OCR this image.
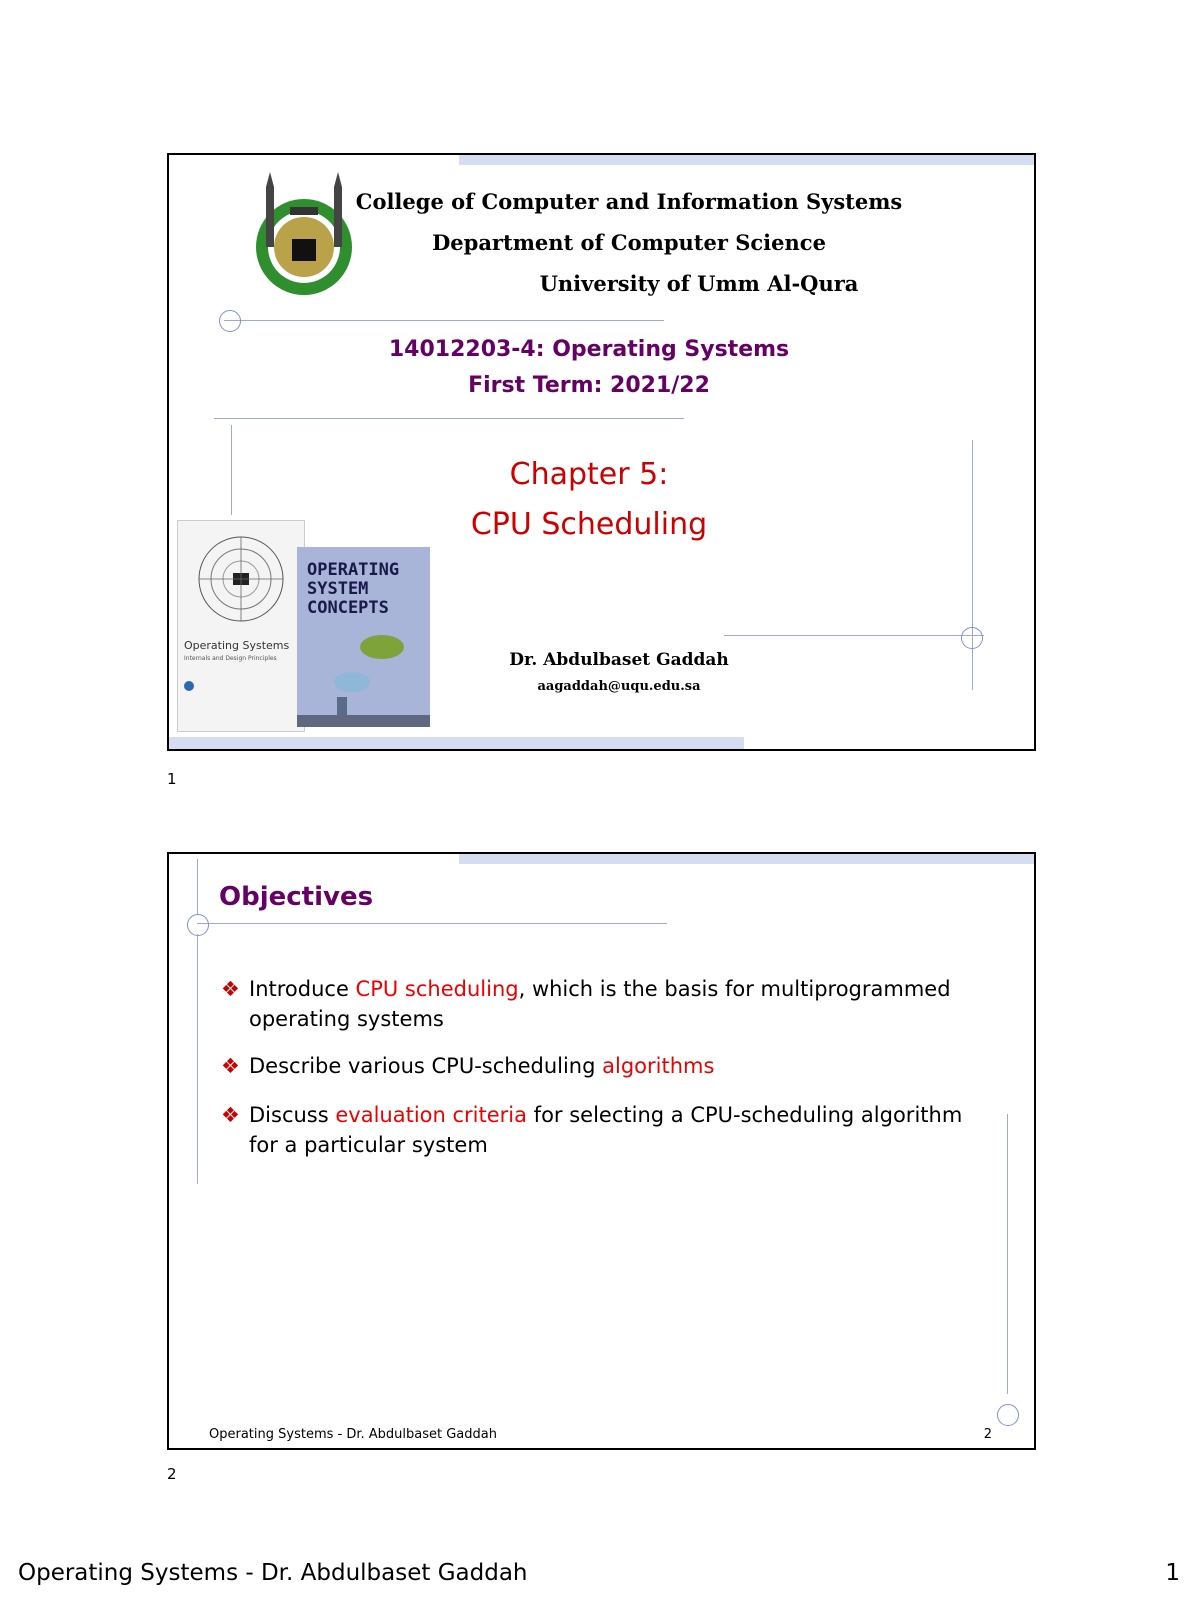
College of Computer and Information Systems
Department of Computer Science
University of Umm Al-Qura
14012203-4: Operating Systems
First Term: 2021/22
Chapter 5:
CPU Scheduling
Dr. Abdulbaset Gaddah
aagaddah@uqu.edu.sa
Operating Systems
Internals and Design Principles
OPERATING SYSTEM CONCEPTS
1
Objectives
❖ Introduce CPU scheduling, which is the basis for multiprogrammed
operating systems
❖ Describe various CPU-scheduling algorithms
❖ Discuss evaluation criteria for selecting a CPU-scheduling algorithm
for a particular system
Operating Systems - Dr. Abdulbaset Gaddah	2
2
Operating Systems - Dr. Abdulbaset Gaddah	1
